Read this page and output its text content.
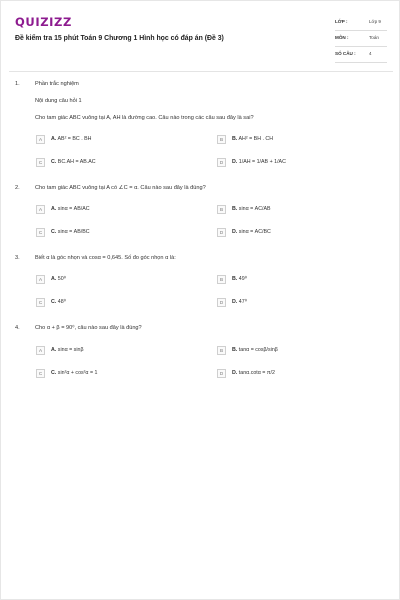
QUIZIZZ
Đề kiểm tra 15 phút Toán 9 Chương 1 Hình học có đáp án (Đề 3)
LỚP :	Lớp 9
MÔN :	Toán
SỐ CÂU :	4
1.	Phần trắc nghiệm
Nội dung câu hỏi 1
Cho tam giác ABC vuông tại A, AH là đường cao. Câu nào trong các câu sau đây là sai?
A	A. AB² = BC . BH	B	B. AH² = BH . CH
C	C. BC.AH = AB.AC	D	D. 1/AH = 1/AB + 1/AC
2.	Cho tam giác ABC vuông tại A có ∠C = α. Câu nào sau đây là đúng?
A	A. sinα = AB/AC	B	B. sinα = AC/AB
C	C. sinα = AB/BC	D	D. sinα = AC/BC
3.	Biết α là góc nhọn và cosα = 0,645. Số đo góc nhọn α là:
A	A. 50⁰	B	B. 49⁰
C	C. 48⁰	D	D. 47⁰
4.	Cho α + β = 90⁰, câu nào sau đây là đúng?
A	A. sinα = sinβ	B	B. tanα = cosβ/sinβ
C	C. sin²α + cos²α = 1	D	D. tanα.cotα = π/2
